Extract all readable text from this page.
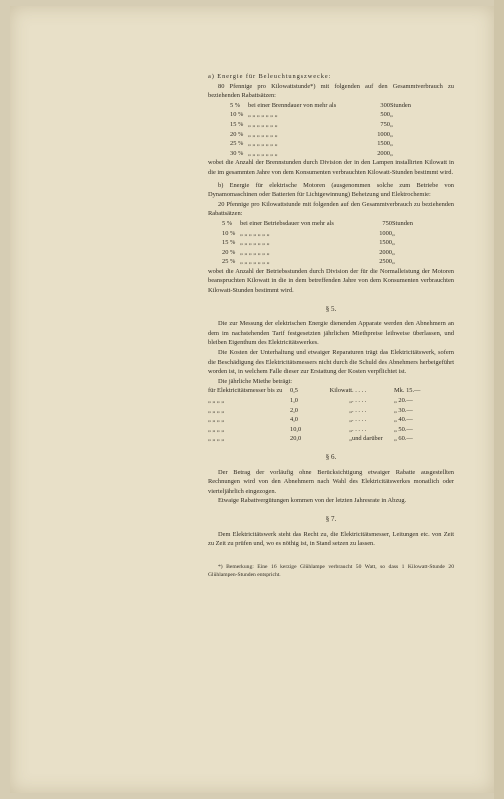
a) Energie für Beleuchtungszwecke:

80 Pfennige pro Kilowattstunde*) mit folgenden auf den Gesammtverbrauch zu beziehenden Rabattsätzen:

5 %	bei einer Brenndauer von mehr als	300 Stunden
10 % „ „ „ „ „ „ „	500 „
15 % „ „ „ „ „ „ „	750 „
20 % „ „ „ „ „ „ „	1000 „
25 % „ „ „ „ „ „ „	1500 „
30 % „ „ „ „ „ „ „	2000 „

wobei die Anzahl der Brennstunden durch Division der in den Lampen installirten Kilowatt in die im gesammten Jahre von dem Konsumenten verbrauchten Kilowatt-Stunden bestimmt wird.

b) Energie für elektrische Motoren (ausgenommen solche zum Betriebe von Dynamomaschinen oder Batterien für Lichtgewinnung) Beheizung und Elektrochemie:

20 Pfennige pro Kilowattstunde mit folgenden auf den Gesammtverbrauch zu beziehenden Rabattsätzen:

5 %	bei einer Betriebsdauer von mehr als	750 Stunden
10 % „ „ „ „ „ „ „	1000 „
15 % „ „ „ „ „ „ „	1500 „
20 % „ „ „ „ „ „ „	2000 „
25 % „ „ „ „ „ „ „	2500 „

wobei die Anzahl der Betriebsstunden durch Division der für die Normalleistung der Motoren beanspruchten Kilowatt in die in dem betreffenden Jahre von dem Konsumenten verbrauchten Kilowatt-Stunden bestimmt wird.

§ 5.

Die zur Messung der elektrischen Energie dienenden Apparate werden den Abnehmern an dem im nachstehenden Tarif festgesetzten jährlichen Miethpreise leihweise überlassen, und bleiben Eigenthum des Elektricitätswerkes.

Die Kosten der Unterhaltung und etwaiger Reparaturen trägt das Elektricitätswerk, sofern die Beschädigung des Elektricitätsmessers nicht durch die Schuld des Abnehmers herbeigeführt worden ist, in welchem Falle dieser zur Erstattung der Kosten verpflichtet ist.

Die jährliche Miethe beträgt:

für Elektricitätsmesser bis zu	0,5	Kilowatt . . . . .	Mk. 15.—
„ „ „ „	1,0	„ . . . . .	„ 20.—
„ „ „ „	2,0	„ . . . . .	„ 30.—
„ „ „ „	4,0	„ . . . . .	„ 40.—
„ „ „ „	10,0	„ . . . . .	„ 50.—
„ „ „ „	20,0	„ und darüber	„ 60.—
§ 6.

Der Betrag der vorläufig ohne Berücksichtigung etwaiger Rabatte ausgestellten Rechnungen wird von den Abnehmern nach Wahl des Elektricitätswerkes monatlich oder vierteljährlich eingezogen.

Etwaige Rabattvergütungen kommen von der letzten Jahresrate in Abzug.

§ 7.

Dem Elektricitätswerk steht das Recht zu, die Elektricitätsmesser, Leitungen etc. von Zeit zu Zeit zu prüfen und, wo es nöthig ist, in Stand setzen zu lassen.

*) Bemerkung: Eine 16 kerzige Glühlampe verbraucht 50 Watt, so dass 1 Kilowatt-Stunde 20 Glühlampen-Stunden entspricht.
